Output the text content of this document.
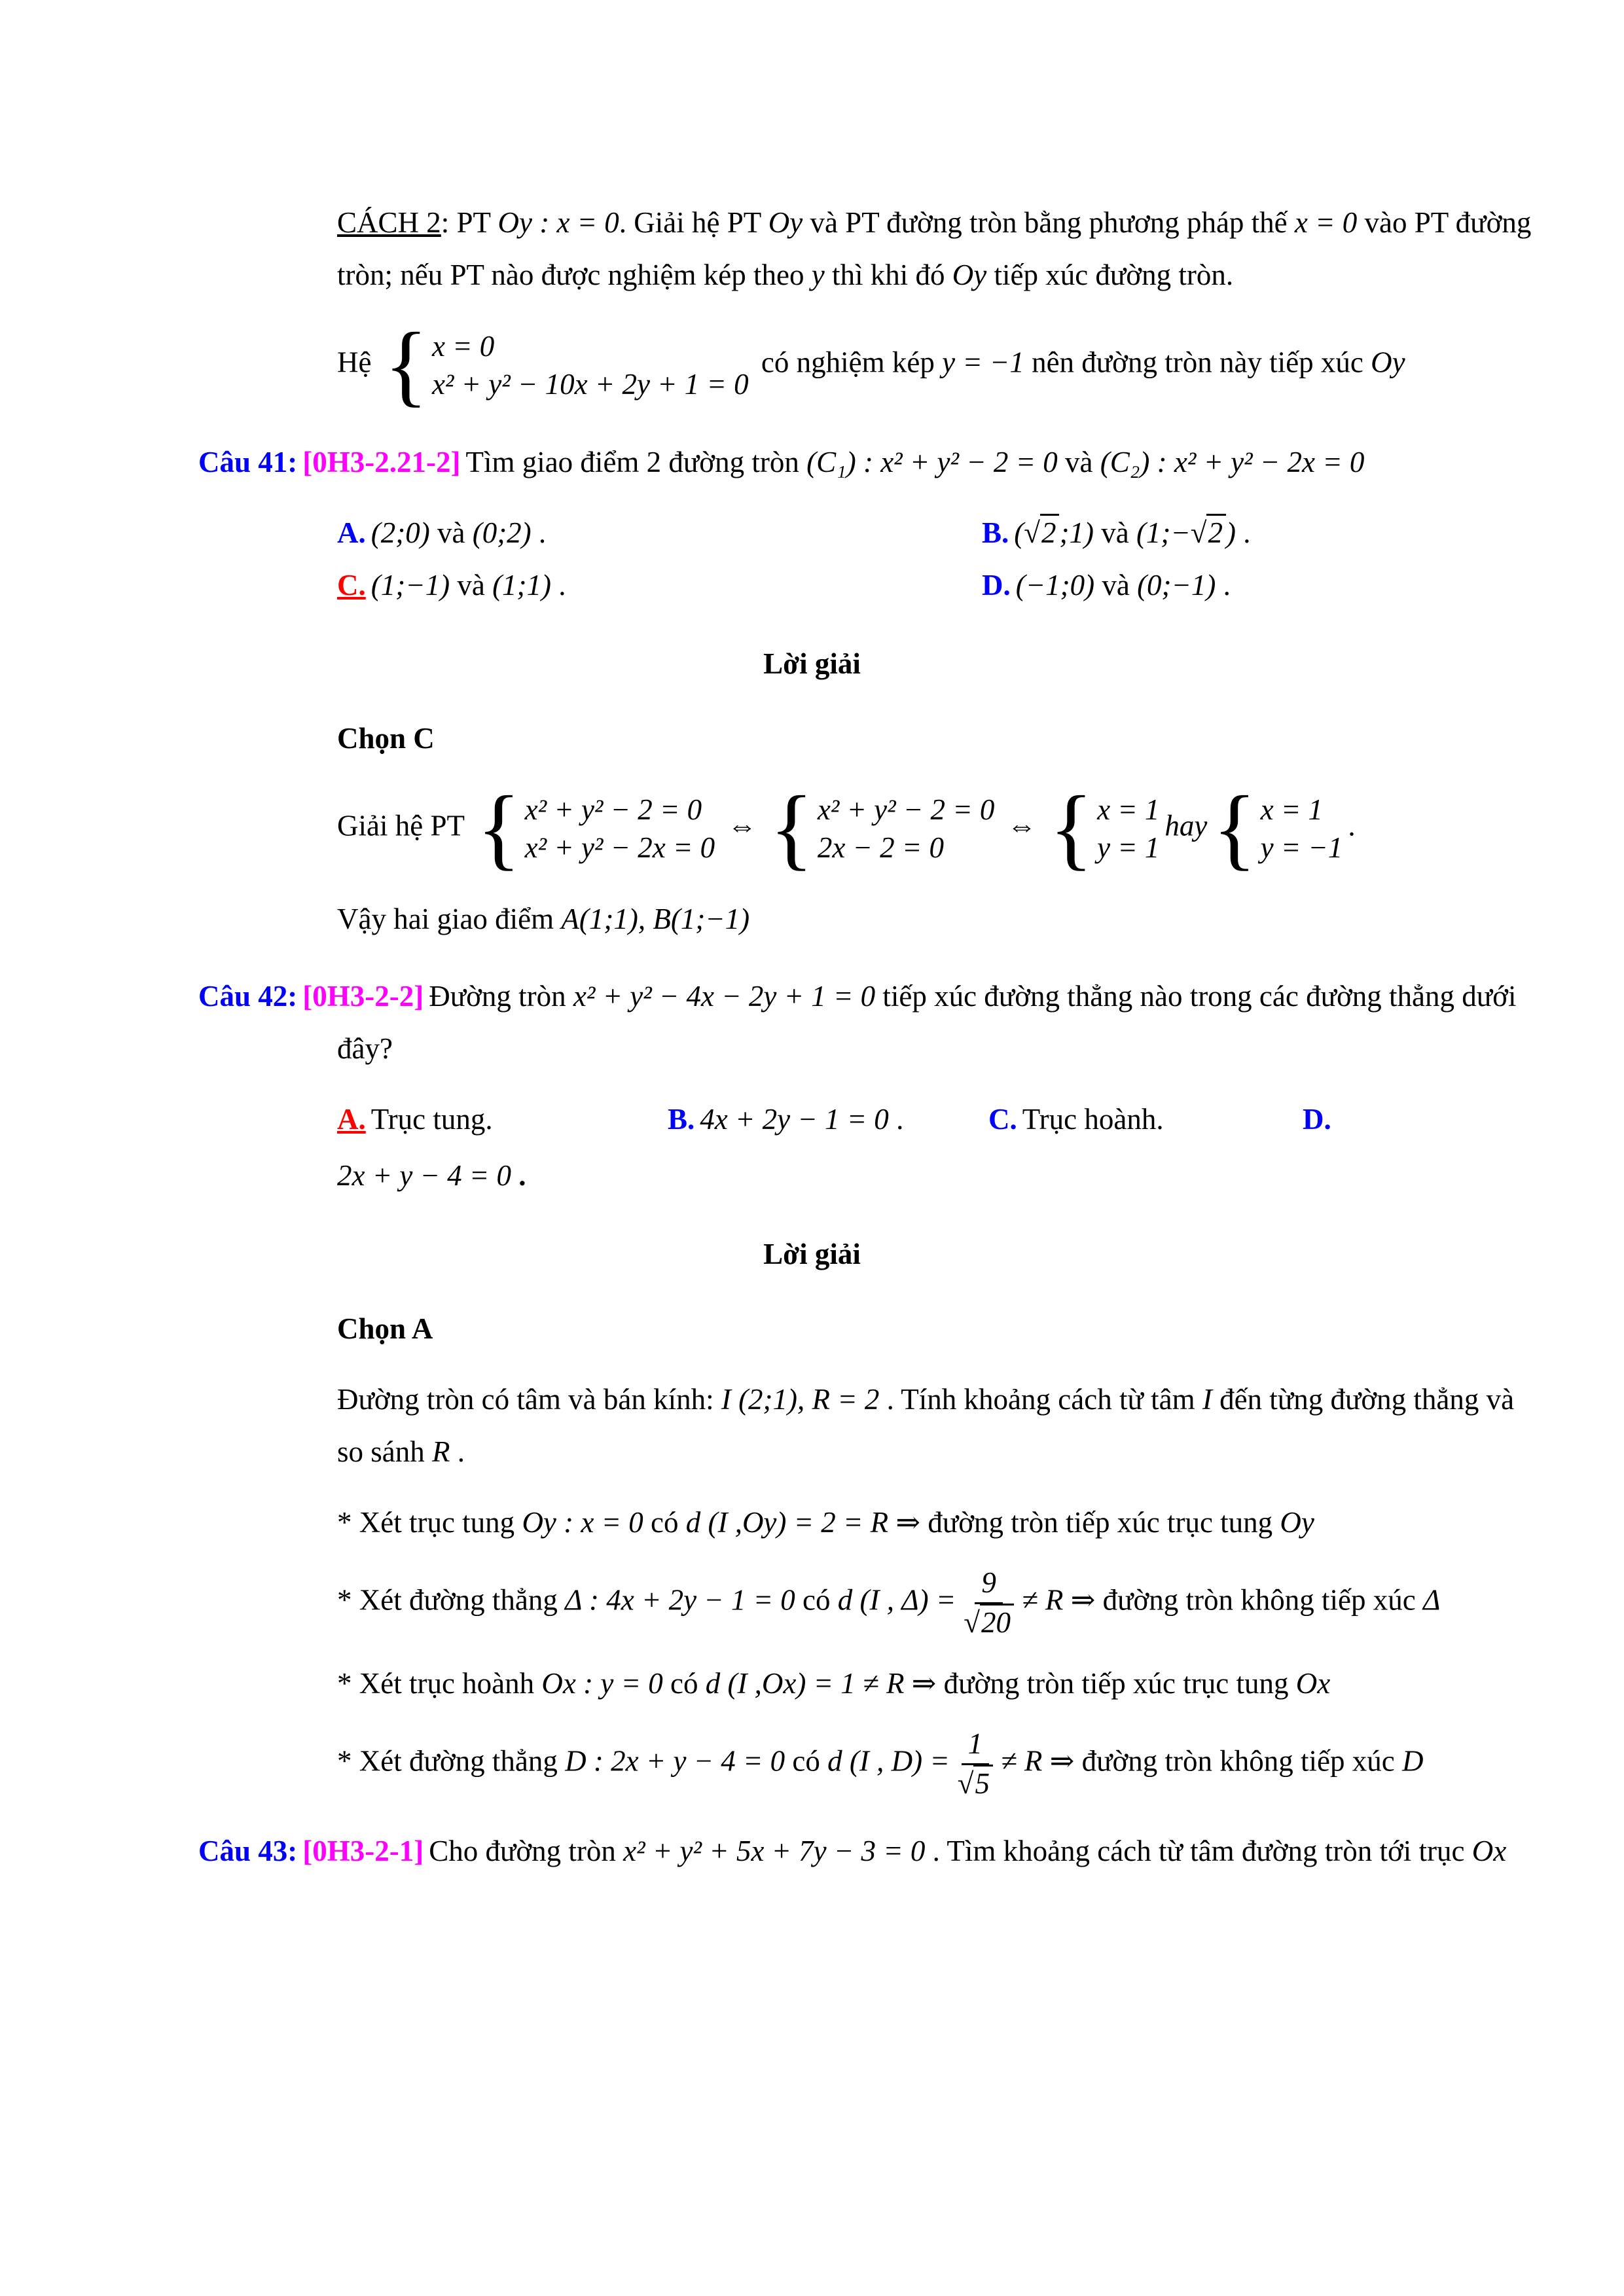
CÁCH 2: PT Oy : x = 0. Giải hệ PT Oy và PT đường tròn bằng phương pháp thế x = 0 vào PT đường tròn; nếu PT nào được nghiệm kép theo y thì khi đó Oy tiếp xúc đường tròn.
Hệ { x = 0
x² + y² − 10x + 2y + 1 = 0
có nghiệm kép y = −1 nên đường tròn này tiếp xúc Oy
Câu 41: [0H3-2.21-2] Tìm giao điểm 2 đường tròn (C₁) : x² + y² − 2 = 0 và (C₂) : x² + y² − 2x = 0
A. (2;0) và (0;2) .	B. (√2 ;1) và (1;−√2 ) .
C. (1;−1) và (1;1) .	D. (−1;0) và (0;−1) .
Lời giải
Chọn C
Giải hệ PT { x² + y² − 2 = 0
x² + y² − 2x = 0
⇔ { x² + y² − 2 = 0
2x − 2 = 0
⇔ { x = 1
y = 1
hay { x = 1
y = −1
.
Vậy hai giao điểm A(1;1), B(1;−1)
Câu 42: [0H3-2-2] Đường tròn x² + y² − 4x − 2y + 1 = 0 tiếp xúc đường thẳng nào trong các đường thẳng dưới đây?
A. Trục tung.	B. 4x + 2y − 1 = 0 .	C. Trục hoành.	D.
2x + y − 4 = 0 .
Lời giải
Chọn A
Đường tròn có tâm và bán kính: I (2;1), R = 2 . Tính khoảng cách từ tâm I đến từng đường thẳng và so sánh R .
* Xét trục tung Oy : x = 0 có d (I ,Oy) = 2 = R ⇒ đường tròn tiếp xúc trục tung Oy
* Xét đường thẳng Δ : 4x + 2y − 1 = 0 có d (I , $\Delta) = \frac{9}{√20} \ne R$ ⇒ đường tròn không tiếp xúc Δ
* Xét trục hoành Ox : y = 0 có d (I ,Ox) = 1 ≠ R ⇒ đường tròn tiếp xúc trục tung Ox
* Xét đường thẳng D : 2x + y − 4 = 0 có d (I , $D) = \frac{1}{√5} \ne R$ ⇒ đường tròn không tiếp xúc D
Câu 43: [0H3-2-1] Cho đường tròn x² + y² + 5x + 7y − 3 = 0 . Tìm khoảng cách từ tâm đường tròn tới trục Ox
